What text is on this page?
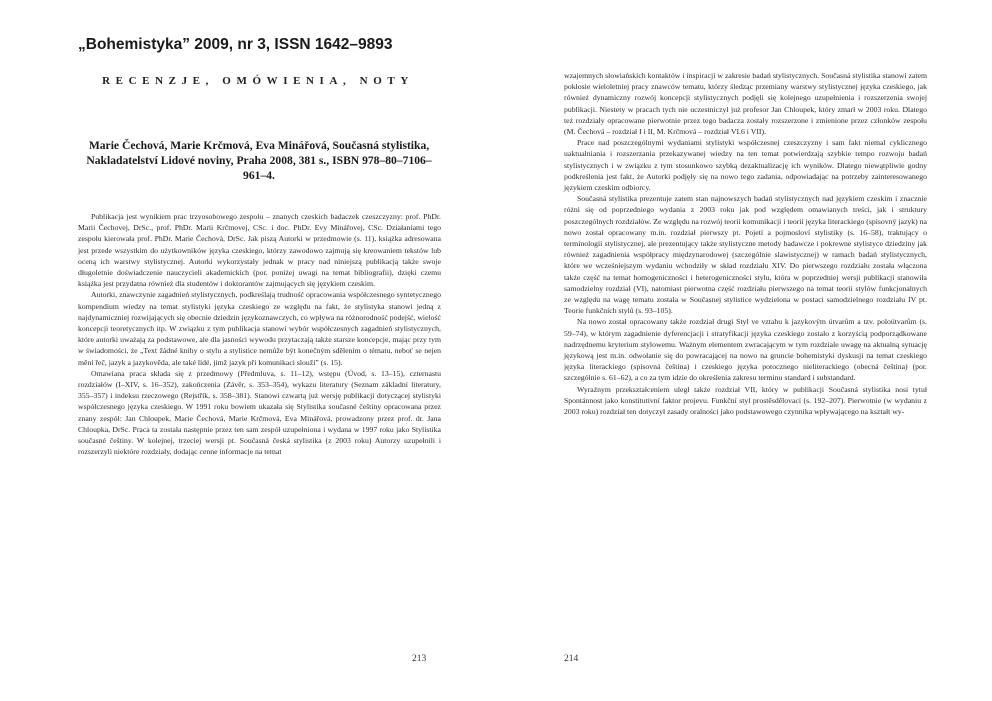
„Bohemistyka” 2009, nr 3, ISSN 1642–9893
RECENZJE, OMÓWIENIA, NOTY
Marie Čechová, Marie Krčmová, Eva Minářová, Současná stylistika, Nakladatelství Lidové noviny, Praha 2008, 381 s., ISBN 978–80–7106–961–4.

Publikacja jest wynikiem prac trzyosobowego zespołu – znanych czeskich badaczek czeszczyzny: prof. PhDr. Marii Čechovej, DrSc., prof. PhDr. Marii Krčmovej, CSc. i doc. PhDr. Evy Minářovej, CSc. Działaniami tego zespołu kierowała prof. PhDr. Marie Čechová, DrSc. Jak piszą Autorki w przedmowie (s. 11), książka adresowana jest przede wszystkim do użytkowników języka czeskiego, którzy zawodowo zajmują się kreowaniem tekstów lub oceną ich warstwy stylistycznej. Autorki wykorzystały jednak w pracy nad niniejszą publikacją także swoje długoletnie doświadczenie nauczycieli akademickich (por. poniżej uwagi na temat bibliografii), dzięki czemu książka jest przydatna również dla studentów i doktorantów zajmujących się językiem czeskim.

Autorki, znawczynie zagadnień stylistycznych, podkreślają trudność opracowania współczesnego syntetycznego kompendium wiedzy na temat stylistyki języka czeskiego ze względu na fakt, że stylistyka stanowi jedną z najdynamiczniej rozwijających się obecnie dziedzin językoznawczych, co wpływa na różnorodność podejść, wielość koncepcji teoretycznych itp. W związku z tym publikacja stanowi wybór współczesnych zagadnień stylistycznych, które autorki uważają za podstawowe, ale dla jasności wywodu przytaczają także starsze koncepcje, mając przy tym w świadomości, że „Text žádné knihy o stylu a stylistice nemůže být konečným sdělením o tématu, neboť se nejen mění řeč, jazyk a jazykověda, ale také lidé, jimž jazyk při komunikaci slouží” (s. 15).

Omawiana praca składa się z przedmowy (Předmluva, s. 11–12), wstępu (Úvod, s. 13–15), czternastu rozdziałów (I–XIV, s. 16–352), zakończenia (Závěr, s. 353–354), wykazu literatury (Seznam základní literatury, 355–357) i indeksu rzeczowego (Rejstřík, s. 358–381). Stanowi czwartą już wersję publikacji dotyczącej stylistyki współczesnego języka czeskiego. W 1991 roku bowiem ukazała się Stylistika současné češtiny opracowana przez znany zespół: Jan Chloupek, Marie Čechová, Marie Krčmová, Eva Minářová, prowadzony przez prof. dr. Jana Chloupka, DrSc. Praca ta została następnie przez ten sam zespół uzupełniona i wydana w 1997 roku jako Stylistika současné češtiny. W kolejnej, trzeciej wersji pt. Současná česká stylistika (z 2003 roku) Autorzy uzupełnili i rozszerzyli niektóre rozdziały, dodając cenne informacje na temat

213

wzajemnych słowiańskich kontaktów i inspiracji w zakresie badań stylistycznych. Současná stylistika stanowi zatem pokłosie wieloletniej pracy znawców tematu, którzy śledząc przemiany warstwy stylistycznej języka czeskiego, jak również dynamiczny rozwój koncepcji stylistycznych podjęli się kolejnego uzupełnienia i rozszerzenia swojej publikacji. Niestety w pracach tych nie uczestniczył już profesor Jan Chloupek, który zmarł w 2003 roku. Dlatego też rozdziały opracowane pierwotnie przez tego badacza zostały rozszerzone i zmienione przez członków zespołu (M. Čechová – rozdział I i II, M. Krčmová – rozdział VI.6 i VII).

Prace nad poszczególnymi wydaniami stylistyki współczesnej czeszczyzny i sam fakt niemal cyklicznego uaktualniania i rozszerzania przekazywanej wiedzy na ten temat potwierdzają szybkie tempo rozwoju badań stylistycznych i w związku z tym stosunkowo szybką dezaktualizację ich wyników. Dlatego niewątpliwie godny podkreślenia jest fakt, że Autorki podjęły się na nowo tego zadania, odpowiadając na potrzeby zainteresowanego językiem czeskim odbiorcy.

Současná stylistika prezentuje zatem stan najnowszych badań stylistycznych nad językiem czeskim i znacznie różni się od poprzedniego wydania z 2003 roku jak pod względem omawianych treści, jak i struktury poszczególnych rozdziałów. Ze względu na rozwój teorii komunikacji i teorii języka literackiego (spisovný jazyk) na nowo został opracowany m.in. rozdział pierwszy pt. Pojetí a pojmosloví stylistiky (s. 16–58), traktujący o terminologii stylistycznej, ale prezentujący także stylistyczne metody badawcze i pokrewne stylistyce dziedziny jak również zagadnienia współpracy międzynarodowej (szczególnie slawistycznej) w ramach badań stylistycznych, które we wcześniejszym wydaniu wchodziły w skład rozdziału XIV. Do pierwszego rozdziału została włączona także część na temat homogeniczności i heterogeniczności stylu, która w poprzedniej wersji publikacji stanowiła samodzielny rozdział (VI), natomiast pierwotna część rozdziału pierwszego na temat teorii stylów funkcjonalnych ze względu na wagę tematu została w Současnej stylistice wydzielona w postaci samodzielnego rozdziału IV pt. Teorie funkčních stylů (s. 93–105).

Na nowo został opracowany także rozdział drugi Styl ve vztahu k jazykovým útvarům a tzv. poloútvarům (s. 59–74), w którym zagadnienie dyferencjacji i stratyfikacji języka czeskiego zostało z korzyścią podporządkowane nadrzędnemu kryterium stylowemu. Ważnym elementem zwracającym w tym rozdziale uwagę na aktualną sytuację językową jest m.in. odwołanie się do powracającej na nowo na gruncie bohemistyki dyskusji na temat czeskiego języka literackiego (spisovná čeština) i czeskiego języka potocznego nieliterackiego (obecná čeština) (por. szczególnie s. 61–62), a co za tym idzie do określenia zakresu terminu standard i substandard.

Wyraźnym przekształceniem uległ także rozdział VII, który w publikacji Současná stylistika nosi tytuł Spontánnost jako konstitutivní faktor projevu. Funkční styl prostěsdělovací (s. 192–207). Pierwotnie (w wydaniu z 2003 roku) rozdział ten dotyczył zasady oralności jako podstawowego czynnika wpływającego na kształt wy-

214
